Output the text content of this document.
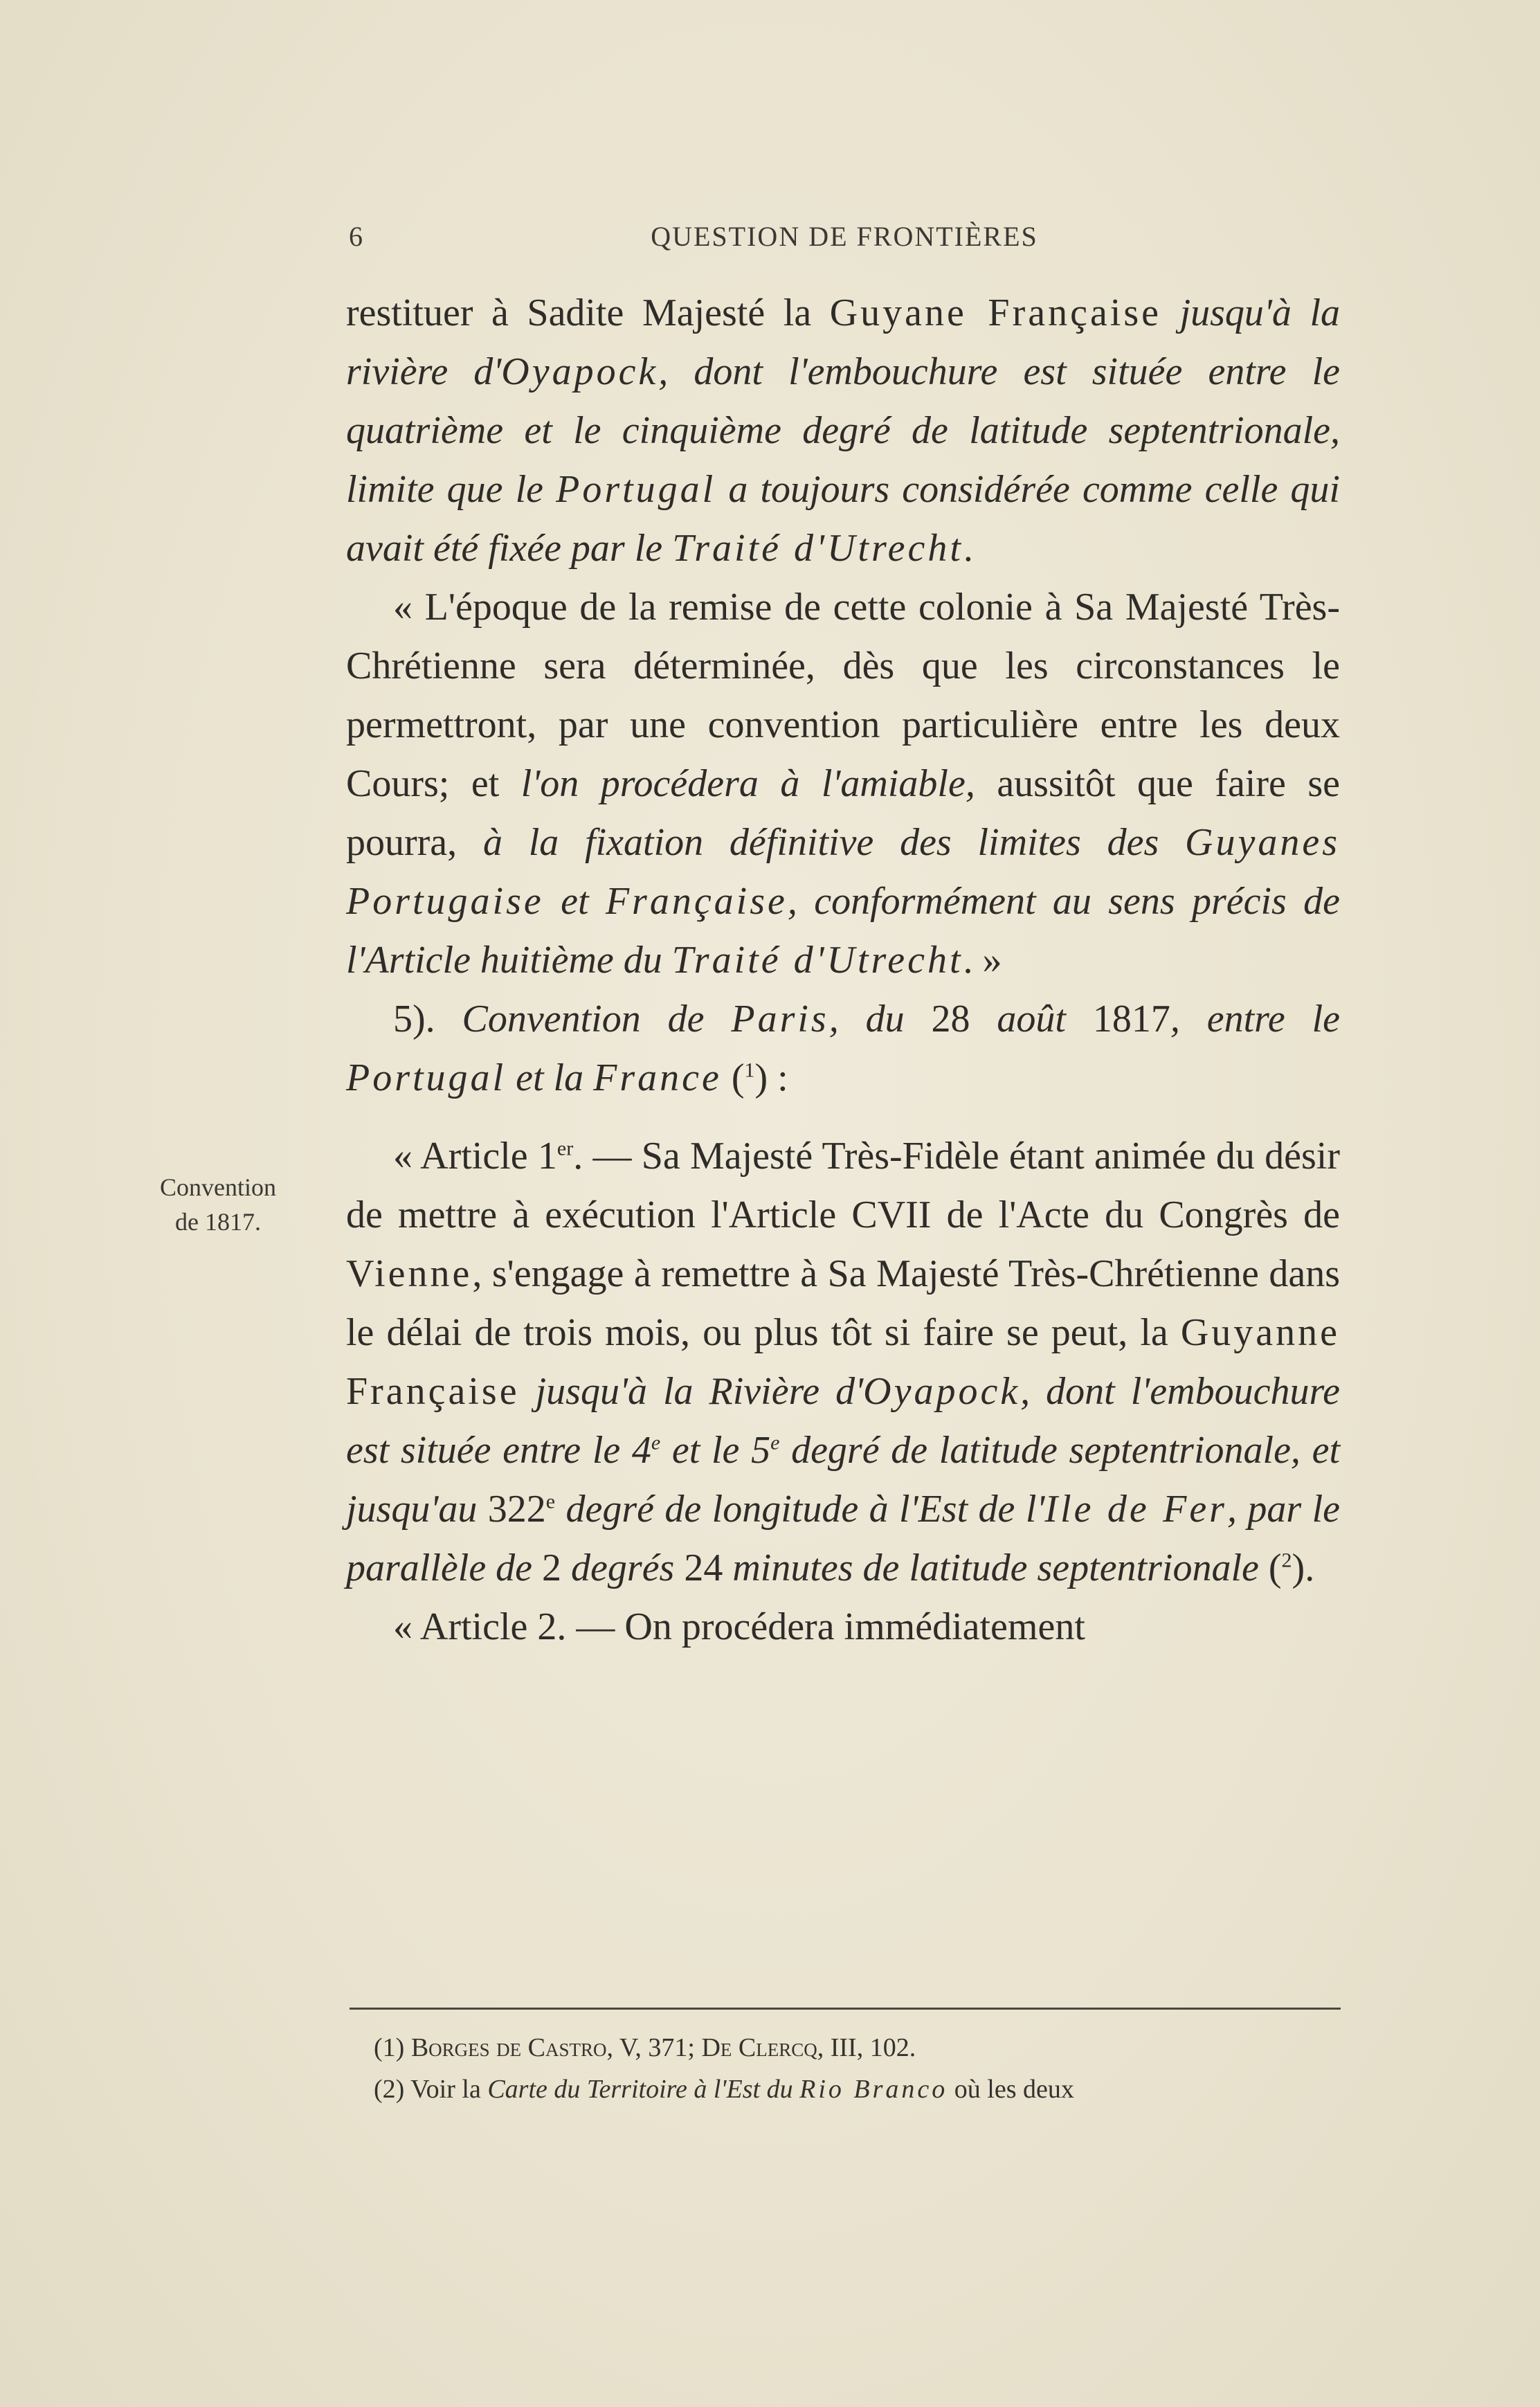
6	QUESTION DE FRONTIÈRES
Convention
de 1817.

restituer à Sadite Majesté la Guyane Française jusqu'à la rivière d'Oyapock, dont l'embouchure est située entre le quatrième et le cinquième degré de latitude septentrionale, limite que le Portugal a toujours considérée comme celle qui avait été fixée par le Traité d'Utrecht.

« L'époque de la remise de cette colonie à Sa Majesté Très-Chrétienne sera déterminée, dès que les circonstances le permettront, par une convention particulière entre les deux Cours; et l'on procédera à l'amiable, aussitôt que faire se pourra, à la fixation définitive des limites des Guyanes Portugaise et Française, conformément au sens précis de l'Article huitième du Traité d'Utrecht. »

5). Convention de Paris, du 28 août 1817, entre le Portugal et la France ($^1$) :

« Article 1er. — Sa Majesté Très-Fidèle étant animée du désir de mettre à exécution l'Article CVII de l'Acte du Congrès de Vienne, s'engage à remettre à Sa Majesté Très-Chrétienne dans le délai de trois mois, ou plus tôt si faire se peut, la Guyanne Française jusqu'à la Rivière d'Oyapock, dont l'embouchure est située entre le 4e et le 5e degré de latitude septentrionale, et jusqu'au 322e degré de longitude à l'Est de l'Ile de Fer, par le parallèle de 2 degrés 24 minutes de latitude septentrionale ($^2$).

« Article 2. — On procédera immédiatement

(1) Borges de Castro, V, 371; De Clercq, III, 102.

(2) Voir la Carte du Territoire à l'Est du Rio Branco où les deux
